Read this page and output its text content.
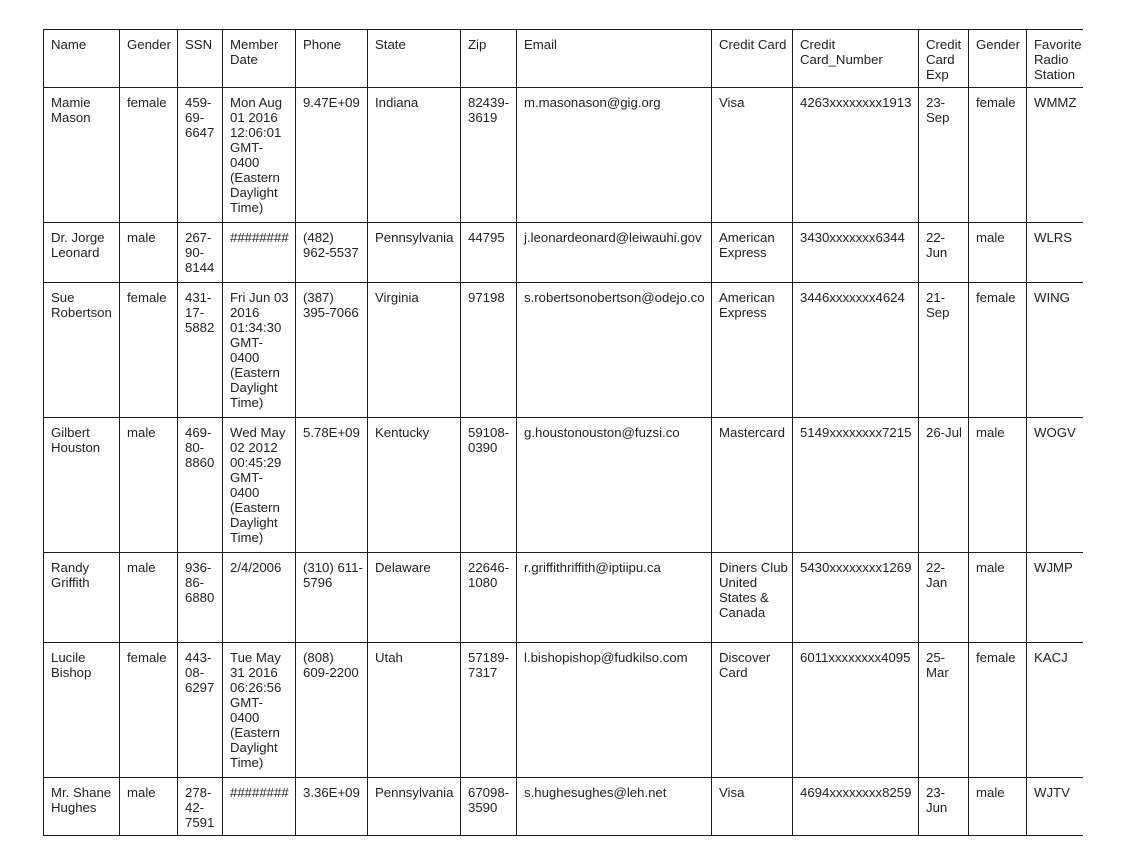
Name	Gender	SSN	Member Date	Phone	State	Zip	Email	Credit Card	Credit Card_Number	Credit Card Exp	Gender	Favorite Radio Station
Mamie Mason	female	459-69-6647	Mon Aug 01 2016 12:06:01 GMT-0400 (Eastern Daylight Time)	9.47E+09	Indiana	82439-3619	m.masonason@gig.org	Visa	4263xxxxxxxx1913	23-Sep	female	WMMZ
Dr. Jorge Leonard	male	267-90-8144	########	(482) 962-5537	Pennsylvania	44795	j.leonardeonard@leiwauhi.gov	American Express	3430xxxxxxx6344	22-Jun	male	WLRS
Sue Robertson	female	431-17-5882	Fri Jun 03 2016 01:34:30 GMT-0400 (Eastern Daylight Time)	(387) 395-7066	Virginia	97198	s.robertsonobertson@odejo.co	American Express	3446xxxxxxx4624	21-Sep	female	WING
Gilbert Houston	male	469-80-8860	Wed May 02 2012 00:45:29 GMT-0400 (Eastern Daylight Time)	5.78E+09	Kentucky	59108-0390	g.houstonouston@fuzsi.co	Mastercard	5149xxxxxxxx7215	26-Jul	male	WOGV
Randy Griffith	male	936-86-6880	2/4/2006	(310) 611-5796	Delaware	22646-1080	r.griffithriffith@iptiipu.ca	Diners Club United States & Canada	5430xxxxxxxx1269	22-Jan	male	WJMP
Lucile Bishop	female	443-08-6297	Tue May 31 2016 06:26:56 GMT-0400 (Eastern Daylight Time)	(808) 609-2200	Utah	57189-7317	l.bishopishop@fudkilso.com	Discover Card	6011xxxxxxxx4095	25-Mar	female	KACJ
Mr. Shane Hughes	male	278-42-7591	########	3.36E+09	Pennsylvania	67098-3590	s.hughesughes@leh.net	Visa	4694xxxxxxxx8259	23-Jun	male	WJTV
